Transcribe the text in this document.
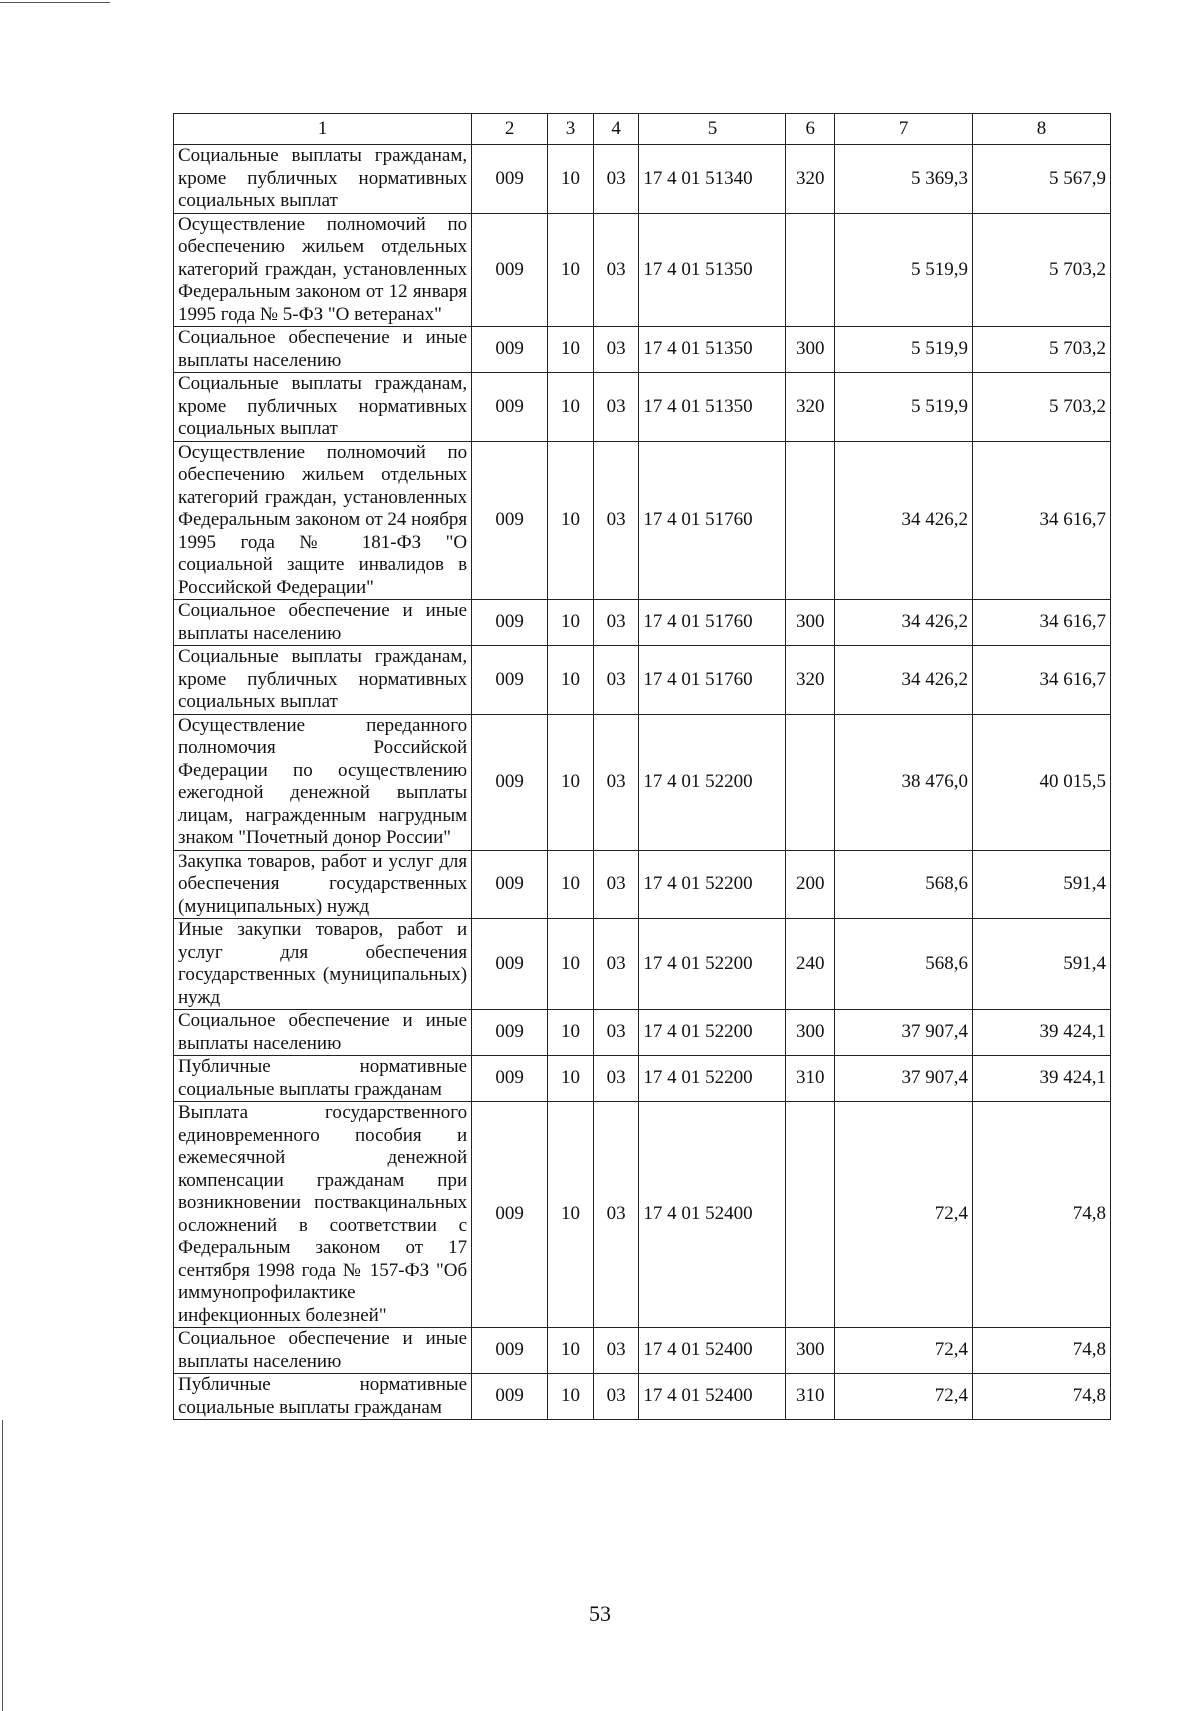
1	2	3	4	5	6	7	8
Социальные выплаты гражданам, кроме публичных нормативных социальных выплат	009	10	03	17 4 01 51340	320	5 369,3	5 567,9
Осуществление полномочий по обеспечению жильем отдельных категорий граждан, установленных Федеральным законом от 12 января 1995 года № 5-ФЗ "О ветеранах"	009	10	03	17 4 01 51350		5 519,9	5 703,2
Социальное обеспечение и иные выплаты населению	009	10	03	17 4 01 51350	300	5 519,9	5 703,2
Социальные выплаты гражданам, кроме публичных нормативных социальных выплат	009	10	03	17 4 01 51350	320	5 519,9	5 703,2
Осуществление полномочий по обеспечению жильем отдельных категорий граждан, установленных Федеральным законом от 24 ноября 1995 года № 181-ФЗ "О социальной защите инвалидов в Российской Федерации"	009	10	03	17 4 01 51760		34 426,2	34 616,7
Социальное обеспечение и иные выплаты населению	009	10	03	17 4 01 51760	300	34 426,2	34 616,7
Социальные выплаты гражданам, кроме публичных нормативных социальных выплат	009	10	03	17 4 01 51760	320	34 426,2	34 616,7
Осуществление переданного полномочия Российской Федерации по осуществлению ежегодной денежной выплаты лицам, награжденным нагрудным знаком "Почетный донор России"	009	10	03	17 4 01 52200		38 476,0	40 015,5
Закупка товаров, работ и услуг для обеспечения государственных (муниципальных) нужд	009	10	03	17 4 01 52200	200	568,6	591,4
Иные закупки товаров, работ и услуг для обеспечения государственных (муниципальных) нужд	009	10	03	17 4 01 52200	240	568,6	591,4
Социальное обеспечение и иные выплаты населению	009	10	03	17 4 01 52200	300	37 907,4	39 424,1
Публичные нормативные социальные выплаты гражданам	009	10	03	17 4 01 52200	310	37 907,4	39 424,1
Выплата государственного единовременного пособия и ежемесячной денежной компенсации гражданам при возникновении поствакцинальных осложнений в соответствии с Федеральным законом от 17 сентября 1998 года № 157-ФЗ "Об иммунопрофилактике инфекционных болезней"	009	10	03	17 4 01 52400		72,4	74,8
Социальное обеспечение и иные выплаты населению	009	10	03	17 4 01 52400	300	72,4	74,8
Публичные нормативные социальные выплаты гражданам	009	10	03	17 4 01 52400	310	72,4	74,8
53
